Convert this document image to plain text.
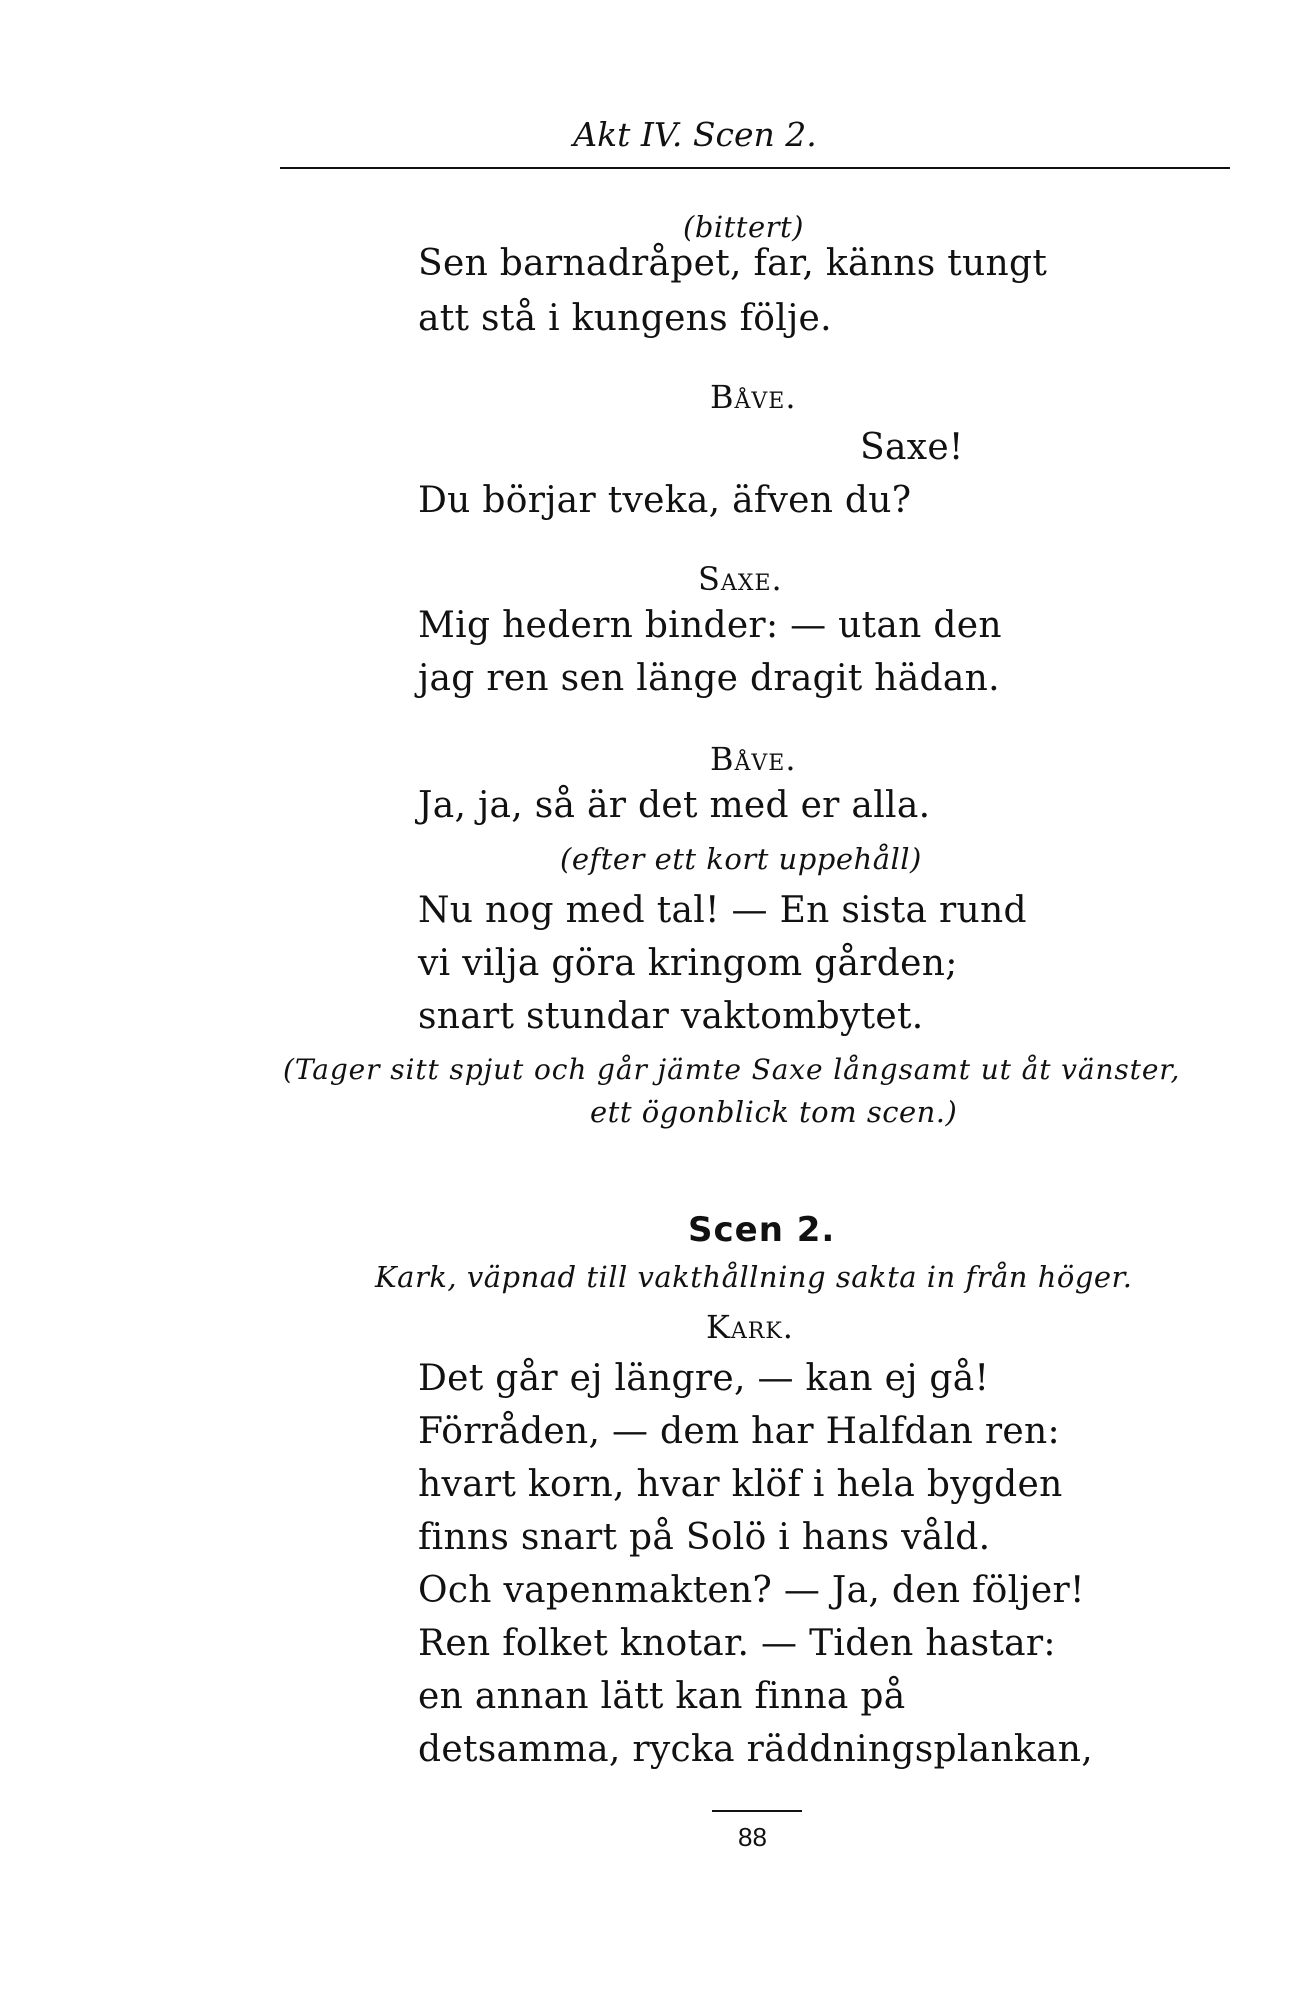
Akt IV. Scen 2.
(bittert)
Sen barnadråpet, far, känns tungt
att stå i kungens följe.
Båve.
Saxe!
Du börjar tveka, äfven du?
Saxe.
Mig hedern binder: — utan den
jag ren sen länge dragit hädan.
Båve.
Ja, ja, så är det med er alla.
(efter ett kort uppehåll)
Nu nog med tal! — En sista rund
vi vilja göra kringom gården;
snart stundar vaktombytet.
(Tager sitt spjut och går jämte Saxe långsamt ut åt vänster,
ett ögonblick tom scen.)
Scen 2.
Kark, väpnad till vakthållning sakta in från höger.
Kark.
Det går ej längre, — kan ej gå!
Förråden, — dem har Halfdan ren:
hvart korn, hvar klöf i hela bygden
finns snart på Solö i hans våld.
Och vapenmakten? — Ja, den följer!
Ren folket knotar. — Tiden hastar:
en annan lätt kan finna på
detsamma, rycka räddningsplankan,
88
